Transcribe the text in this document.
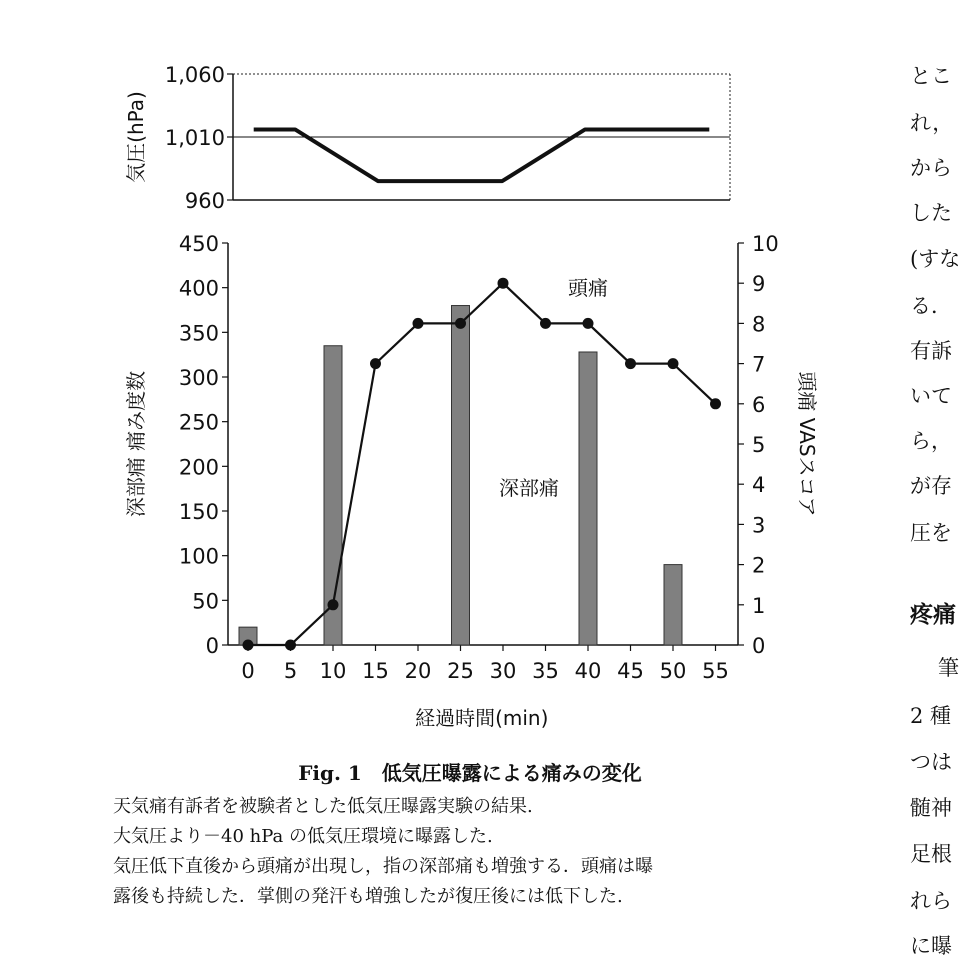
960
1,010
1,060
気圧(hPa)
0
50
100
150
200
250
300
350
400
450
0
1
2
3
4
5
6
7
8
9
10
0 5 10 15 20 25 30 35 40 45 50 55
頭痛
深部痛
深部痛 痛み度数	頭痛 VASスコア
経過時間(min)
Fig. 1　低気圧曝露による痛みの変化
天気痛有訴者を被験者とした低気圧曝露実験の結果.
大気圧より－40 hPa の低気圧環境に曝露した.
気圧低下直後から頭痛が出現し，指の深部痛も増強する．頭痛は曝
露後も持続した．掌側の発汗も増強したが復圧後には低下した.
とこ
れ，
から
した
(すな
る．
有訴
いて
ら，
が存
圧を
疼痛
筆
2 種
つは
髄神
足根
れら
に曝
